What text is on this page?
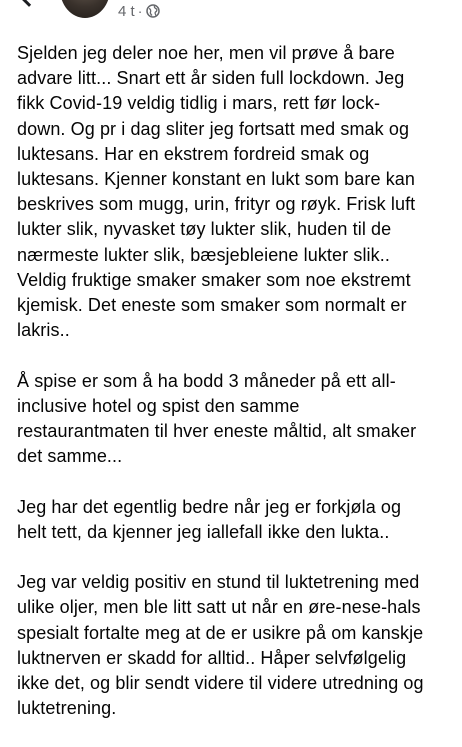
4 t ·

Sjelden jeg deler noe her, men vil prøve å bare
advare litt... Snart ett år siden full lockdown. Jeg
fikk Covid-19 veldig tidlig i mars, rett før lock-
down. Og pr i dag sliter jeg fortsatt med smak og
luktesans. Har en ekstrem fordreid smak og
luktesans. Kjenner konstant en lukt som bare kan
beskrives som mugg, urin, frityr og røyk. Frisk luft
lukter slik, nyvasket tøy lukter slik, huden til de
nærmeste lukter slik, bæsjebleiene lukter slik..
Veldig fruktige smaker smaker som noe ekstremt
kjemisk. Det eneste som smaker som normalt er
lakris..

Å spise er som å ha bodd 3 måneder på ett all-
inclusive hotel og spist den samme
restaurantmaten til hver eneste måltid, alt smaker
det samme...

Jeg har det egentlig bedre når jeg er forkjøla og
helt tett, da kjenner jeg iallefall ikke den lukta..

Jeg var veldig positiv en stund til luktetrening med
ulike oljer, men ble litt satt ut når en øre-nese-hals
spesialt fortalte meg at de er usikre på om kanskje
luktnerven er skadd for alltid.. Håper selvfølgelig
ikke det, og blir sendt videre til videre utredning og
luktetrening.
